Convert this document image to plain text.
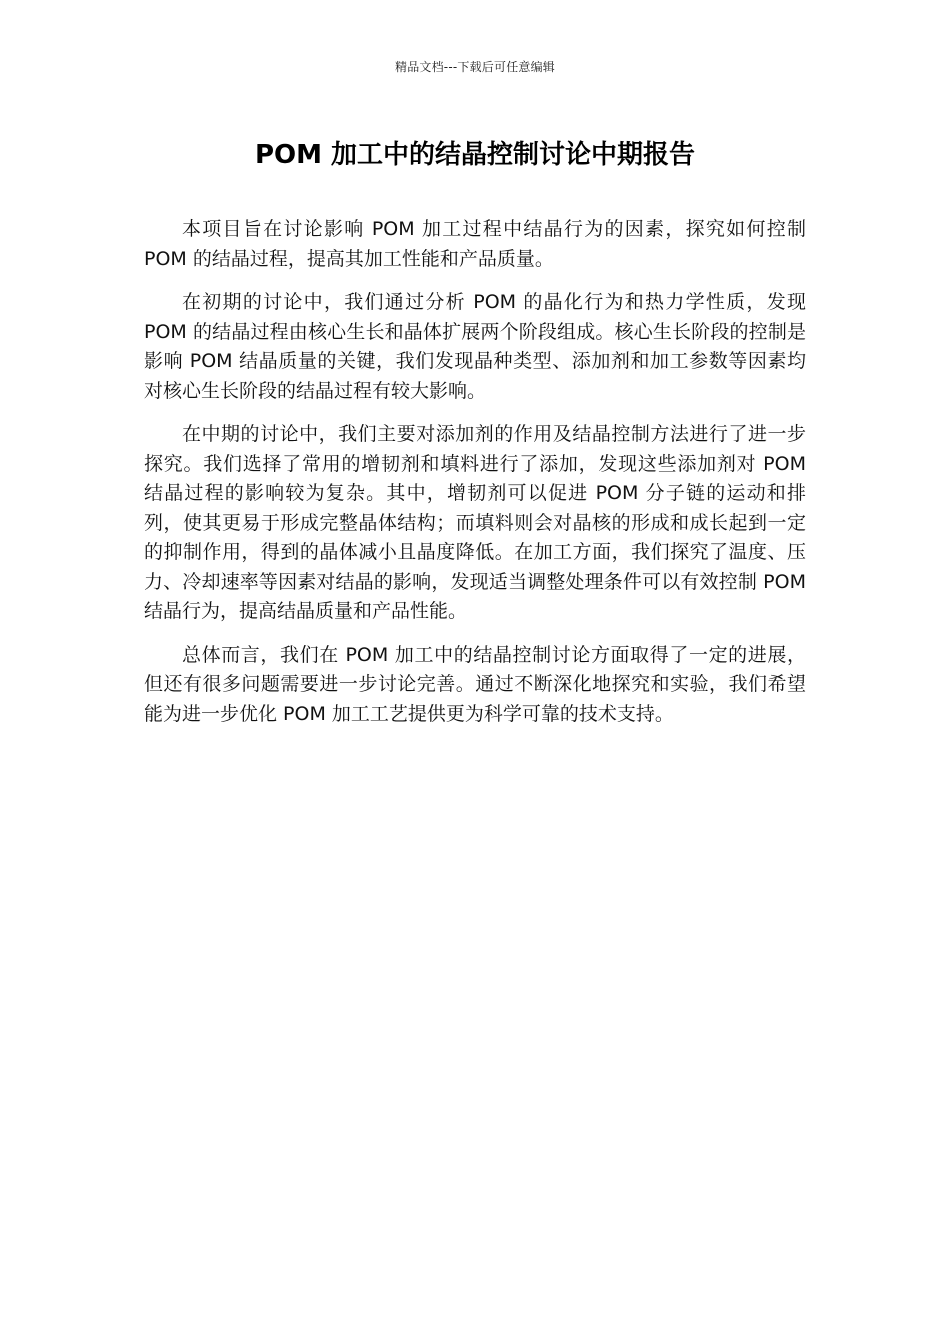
精品文档---下载后可任意编辑
POM 加工中的结晶控制讨论中期报告

本项目旨在讨论影响 POM 加工过程中结晶行为的因素，探究如何控制 POM 的结晶过程，提高其加工性能和产品质量。

在初期的讨论中，我们通过分析 POM 的晶化行为和热力学性质，发现 POM 的结晶过程由核心生长和晶体扩展两个阶段组成。核心生长阶段的控制是影响 POM 结晶质量的关键，我们发现晶种类型、添加剂和加工参数等因素均对核心生长阶段的结晶过程有较大影响。

在中期的讨论中，我们主要对添加剂的作用及结晶控制方法进行了进一步探究。我们选择了常用的增韧剂和填料进行了添加，发现这些添加剂对 POM 结晶过程的影响较为复杂。其中，增韧剂可以促进 POM 分子链的运动和排列，使其更易于形成完整晶体结构；而填料则会对晶核的形成和成长起到一定的抑制作用，得到的晶体减小且晶度降低。在加工方面，我们探究了温度、压力、冷却速率等因素对结晶的影响，发现适当调整处理条件可以有效控制 POM 结晶行为，提高结晶质量和产品性能。

总体而言，我们在 POM 加工中的结晶控制讨论方面取得了一定的进展，但还有很多问题需要进一步讨论完善。通过不断深化地探究和实验，我们希望能为进一步优化 POM 加工工艺提供更为科学可靠的技术支持。
